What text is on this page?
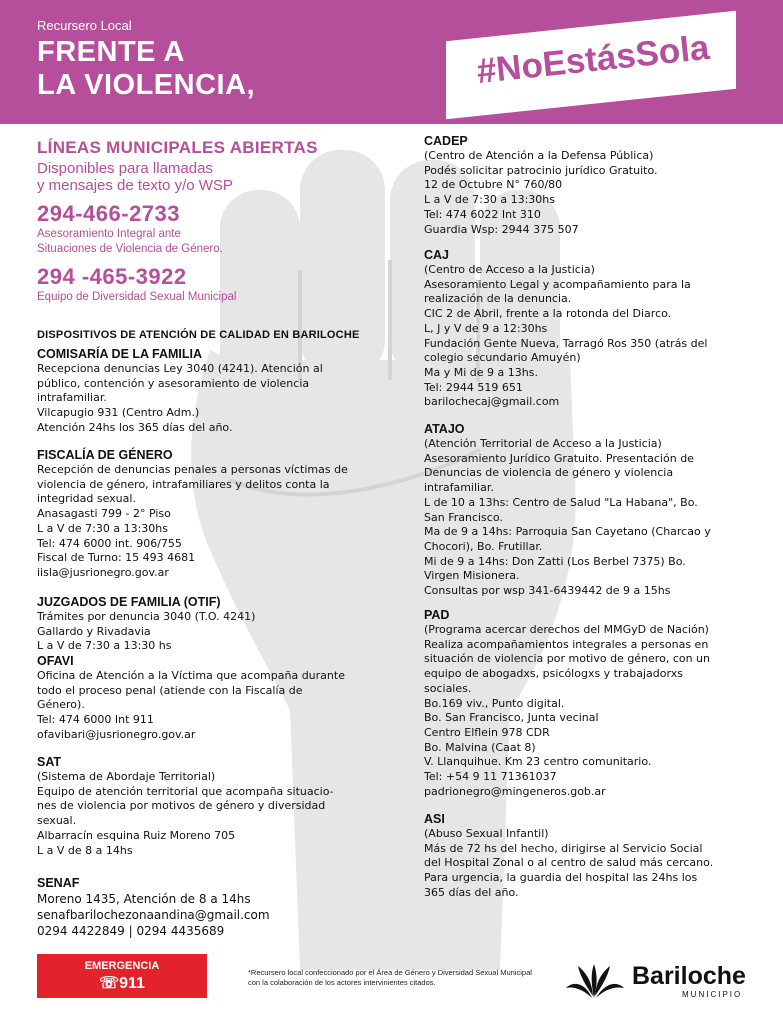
Recursero Local
FRENTE A
LA VIOLENCIA,	#NoEstásSola
LÍNEAS MUNICIPALES ABIERTAS
Disponibles para llamadas
y mensajes de texto y/o WSP
294-466-2733
Asesoramiento Integral ante
Situaciones de Violencia de Género.
294 -465-3922
Equipo de Diversidad Sexual Municipal
DISPOSITIVOS DE ATENCIÓN DE CALIDAD EN BARILOCHE
COMISARÍA DE LA FAMILIA
Recepciona denuncias Ley 3040 (4241). Atención al
público, contención y asesoramiento de violencia
intrafamiliar.
Vilcapugio 931 (Centro Adm.)
Atención 24hs los 365 días del año.
FISCALÍA DE GÉNERO
Recepción de denuncias penales a personas víctimas de
violencia de género, intrafamiliares y delitos conta la
integridad sexual.
Anasagasti 799 - 2° Piso
L a V de 7:30 a 13:30hs
Tel: 474 6000 int. 906/755
Fiscal de Turno: 15 493 4681
iisla@jusrionegro.gov.ar
JUZGADOS DE FAMILIA (OTIF)
Trámites por denuncia 3040 (T.O. 4241)
Gallardo y Rivadavia
L a V de 7:30 a 13:30 hs
OFAVI
Oficina de Atención a la Víctima que acompaña durante
todo el proceso penal (atiende con la Fiscalía de
Género).
Tel: 474 6000 Int 911
ofavibari@jusrionegro.gov.ar
SAT
(Sistema de Abordaje Territorial)
Equipo de atención territorial que acompaña situacio-
nes de violencia por motivos de género y diversidad
sexual.
Albarracín esquina Ruiz Moreno 705
L a V de 8 a 14hs
SENAF
Moreno 1435, Atención de 8 a 14hs
senafbarilochezonaandina@gmail.com
0294 4422849 | 0294 4435689
CADEP
(Centro de Atención a la Defensa Pública)
Podés solicitar patrocinio jurídico Gratuito.
12 de Octubre N° 760/80
L a V de 7:30 a 13:30hs
Tel: 474 6022 Int 310
Guardia Wsp: 2944 375 507
CAJ
(Centro de Acceso a la Justicia)
Asesoramiento Legal y acompañamiento para la
realización de la denuncia.
CIC 2 de Abril, frente a la rotonda del Diarco.
L, J y V de 9 a 12:30hs
Fundación Gente Nueva, Tarragó Ros 350 (atrás del
colegio secundario Amuyén)
Ma y Mi de 9 a 13hs.
Tel: 2944 519 651
barilochecaj@gmail.com
ATAJO
(Atención Territorial de Acceso a la Justicia)
Asesoramiento Jurídico Gratuito. Presentación de
Denuncias de violencia de género y violencia
intrafamiliar.
L de 10 a 13hs: Centro de Salud "La Habana", Bo.
San Francisco.
Ma de 9 a 14hs: Parroquia San Cayetano (Charcao y
Chocori), Bo. Frutillar.
Mi de 9 a 14hs: Don Zatti (Los Berbel 7375) Bo.
Virgen Misionera.
Consultas por wsp 341-6439442 de 9 a 15hs
PAD
(Programa acercar derechos del MMGyD de Nación)
Realiza acompañamientos integrales a personas en
situación de violencia por motivo de género, con un
equipo de abogadxs, psicólogxs y trabajadorxs
sociales.
Bo.169 viv., Punto digital.
Bo. San Francisco, Junta vecinal
Centro Elflein 978 CDR
Bo. Malvina (Caat 8)
V. Llanquihue. Km 23 centro comunitario.
Tel: +54 9 11 71361037
padrionegro@mingeneros.gob.ar
ASI
(Abuso Sexual Infantil)
Más de 72 hs del hecho, dirigirse al Servicio Social
del Hospital Zonal o al centro de salud más cercano.
Para urgencia, la guardia del hospital las 24hs los
365 días del año.
EMERGENCIA
☏911
*Recursero local confeccionado por el Área de Género y Diversidad Sexual Municipal con la colaboración de los actores intervinientes citados.	Bariloche
MUNICIPIO
